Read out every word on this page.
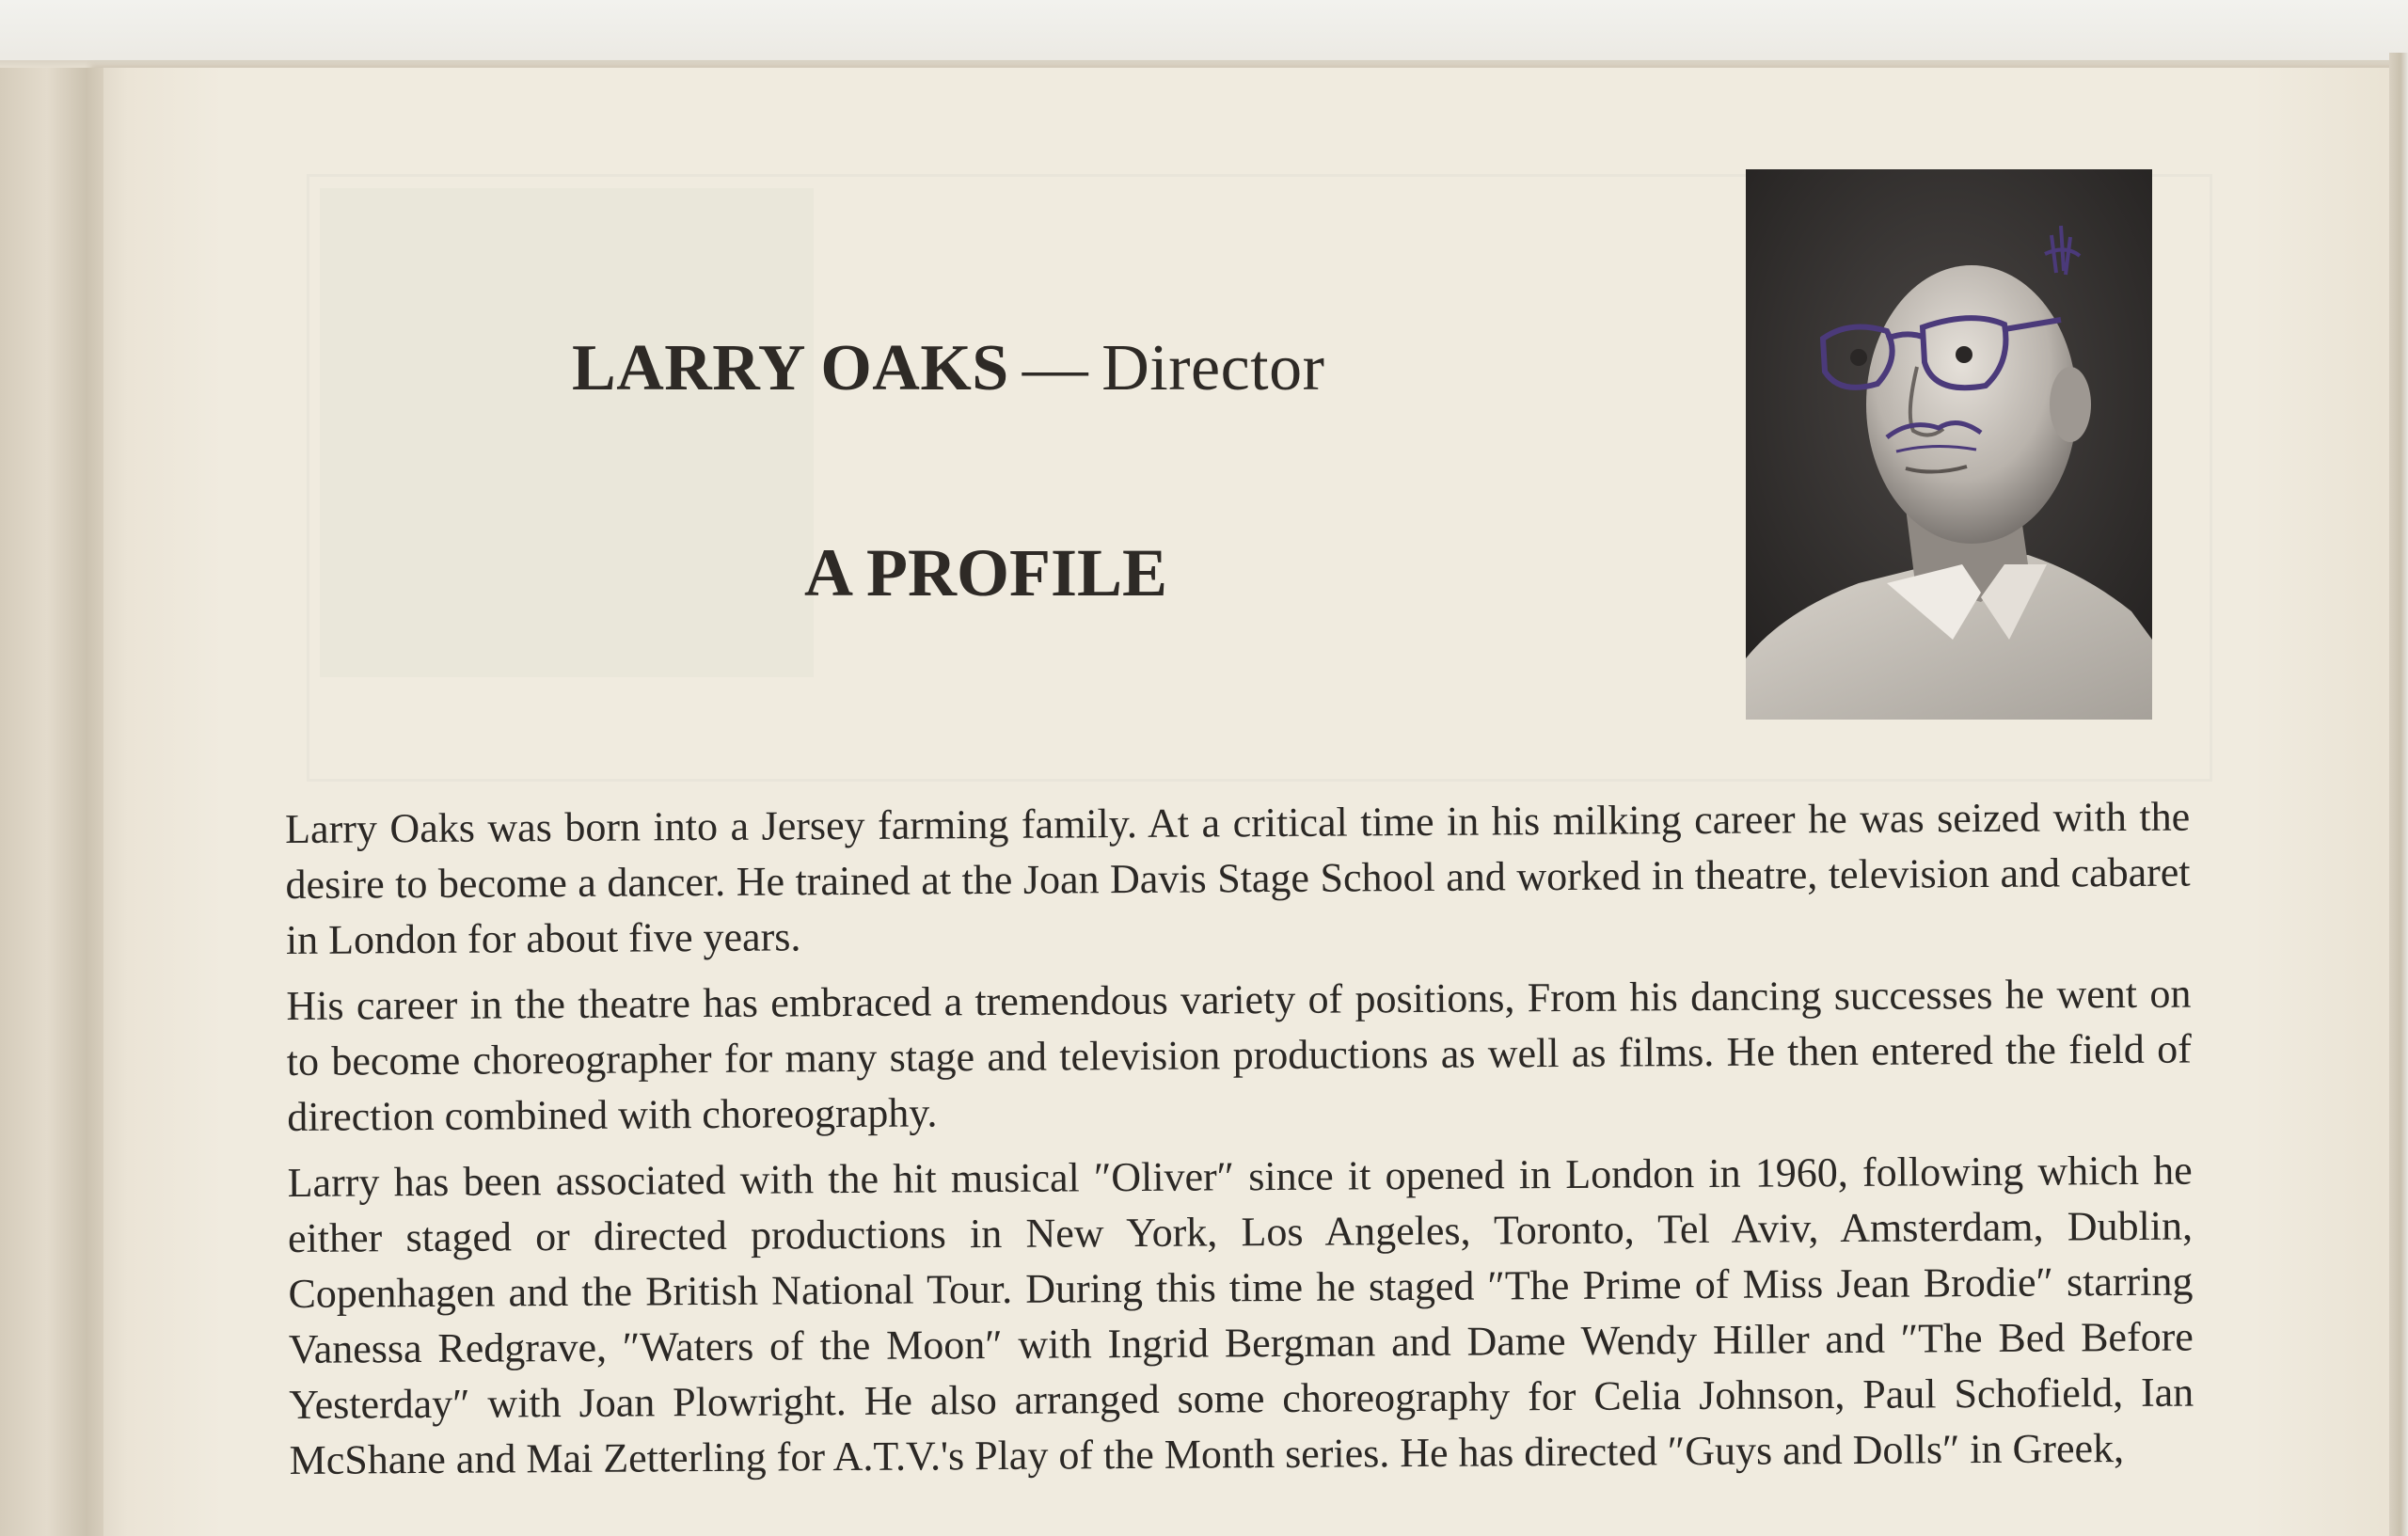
LARRY OAKS — Director
A PROFILE

Larry Oaks was born into a Jersey farming family. At a critical time in his milking career he was seized with the desire to become a dancer. He trained at the Joan Davis Stage School and worked in theatre, television and cabaret in London for about five years.

His career in the theatre has embraced a tremendous variety of positions, From his dancing successes he went on to become choreographer for many stage and television productions as well as films. He then entered the field of direction combined with choreography.

Larry has been associated with the hit musical ″Oliver″ since it opened in London in 1960, following which he either staged or directed productions in New York, Los Angeles, Toronto, Tel Aviv, Amsterdam, Dublin, Copenhagen and the British National Tour. During this time he staged ″The Prime of Miss Jean Brodie″ starring Vanessa Redgrave, ″Waters of the Moon″ with Ingrid Bergman and Dame Wendy Hiller and ″The Bed Before Yesterday″ with Joan Plowright. He also arranged some choreography for Celia Johnson, Paul Schofield, Ian McShane and Mai Zetterling for A.T.V.'s Play of the Month series. He has directed ″Guys and Dolls″ in Greek,
